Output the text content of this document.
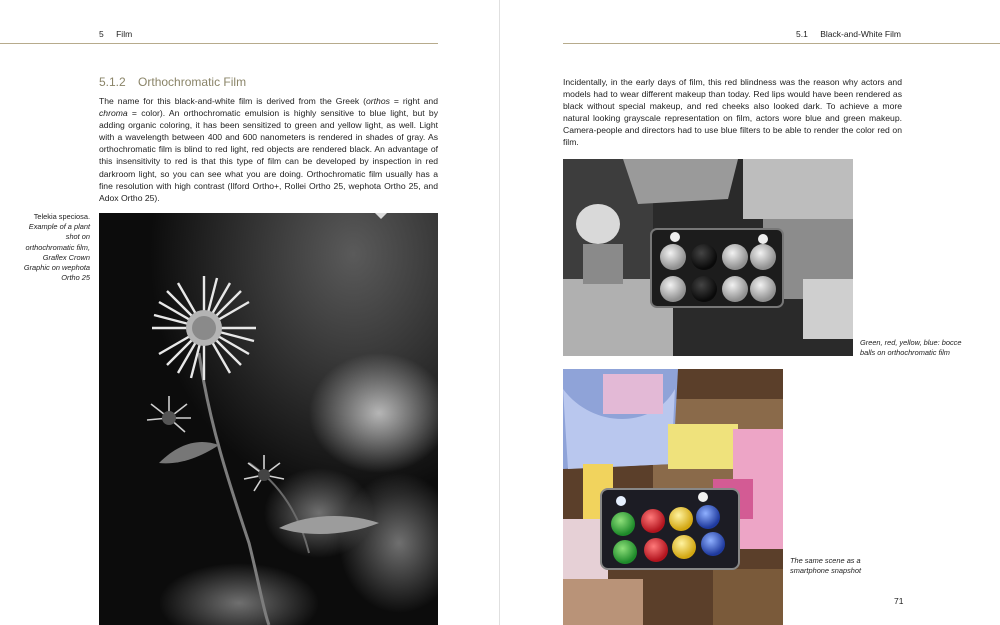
5 Film
5.1.2 Orthochromatic Film
The name for this black-and-white film is derived from the Greek (orthos = right and chroma = color). An orthochromatic emulsion is highly sensitive to blue light, but by adding organic coloring, it has been sensitized to green and yellow light, as well. Light with a wavelength between 400 and 600 nanometers is rendered in shades of gray. As orthochromatic film is blind to red light, red objects are rendered black. An advantage of this insensitivity to red is that this type of film can be developed by inspection in red darkroom light, so you can see what you are doing. Orthochromatic film usually has a fine resolution with high contrast (Ilford Ortho+, Rollei Ortho 25, wephota Ortho 25, and Adox Ortho 25).
Telekia speciosa.
Example of a plant shot on orthochromatic film, Graflex Crown Graphic on wephota Ortho 25
5.1 Black-and-White Film
Incidentally, in the early days of film, this red blindness was the reason why actors and models had to wear different makeup than today. Red lips would have been rendered as black without special makeup, and red cheeks also looked dark. To achieve a more natural looking grayscale representation on film, actors wore blue and green makeup. Camera-people and directors had to use blue filters to be able to render the color red on film.
Green, red, yellow, blue: bocce balls on orthochromatic film
The same scene as a smartphone snapshot
71
